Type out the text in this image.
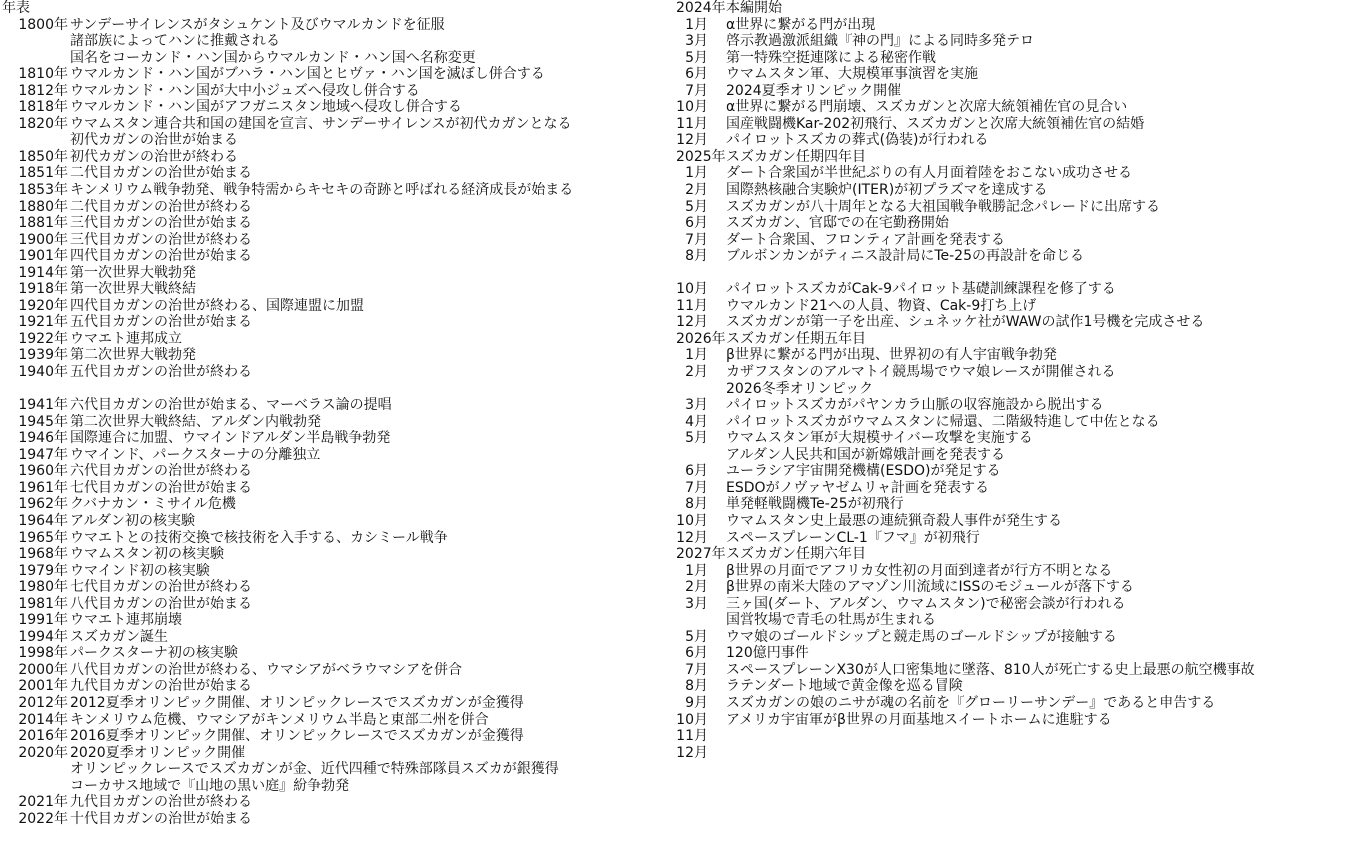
年表
1800年 サンデーサイレンスがタシュケント及びウマルカンドを征服
諸部族によってハンに推戴される
国名をコーカンド・ハン国からウマルカンド・ハン国へ名称変更
1810年 ウマルカンド・ハン国がブハラ・ハン国とヒヴァ・ハン国を滅ぼし併合する
1812年 ウマルカンド・ハン国が大中小ジュズへ侵攻し併合する
1818年 ウマルカンド・ハン国がアフガニスタン地域へ侵攻し併合する
1820年 ウマムスタン連合共和国の建国を宣言、サンデーサイレンスが初代カガンとなる
初代カガンの治世が始まる
1850年 初代カガンの治世が終わる
1851年 二代目カガンの治世が始まる
1853年 キンメリウム戦争勃発、戦争特需からキセキの奇跡と呼ばれる経済成長が始まる
1880年 二代目カガンの治世が終わる
1881年 三代目カガンの治世が始まる
1900年 三代目カガンの治世が終わる
1901年 四代目カガンの治世が始まる
1914年 第一次世界大戦勃発
1918年 第一次世界大戦終結
1920年 四代目カガンの治世が終わる、国際連盟に加盟
1921年 五代目カガンの治世が始まる
1922年 ウマエト連邦成立
1939年 第二次世界大戦勃発
1940年 五代目カガンの治世が終わる
1941年 六代目カガンの治世が始まる、マーベラス論の提唱
1945年 第二次世界大戦終結、アルダン内戦勃発
1946年 国際連合に加盟、ウマインドアルダン半島戦争勃発
1947年 ウマインド、パークスターナの分離独立
1960年 六代目カガンの治世が終わる
1961年 七代目カガンの治世が始まる
1962年 クバナカン・ミサイル危機
1964年 アルダン初の核実験
1965年 ウマエトとの技術交換で核技術を入手する、カシミール戦争
1968年 ウマムスタン初の核実験
1979年 ウマインド初の核実験
1980年 七代目カガンの治世が終わる
1981年 八代目カガンの治世が始まる
1991年 ウマエト連邦崩壊
1994年 スズカガン誕生
1998年 パークスターナ初の核実験
2000年 八代目カガンの治世が終わる、ウマシアがベラウマシアを併合
2001年 九代目カガンの治世が始まる
2012年 2012夏季オリンピック開催、オリンピックレースでスズカガンが金獲得
2014年 キンメリウム危機、ウマシアがキンメリウム半島と東部二州を併合
2016年 2016夏季オリンピック開催、オリンピックレースでスズカガンが金獲得
2020年 2020夏季オリンピック開催
オリンピックレースでスズカガンが金、近代四種で特殊部隊員スズカが銀獲得
コーカサス地域で『山地の黒い庭』紛争勃発
2021年 九代目カガンの治世が終わる
2022年 十代目カガンの治世が始まる
2024年 本編開始
1月	α世界に繋がる門が出現
3月	啓示教過激派組織『神の門』による同時多発テロ
5月	第一特殊空挺連隊による秘密作戦
6月	ウマムスタン軍、大規模軍事演習を実施
7月	2024夏季オリンピック開催
10月	α世界に繋がる門崩壊、スズカガンと次席大統領補佐官の見合い
11月	国産戦闘機Kar-202初飛行、スズカガンと次席大統領補佐官の結婚
12月	パイロットスズカの葬式(偽装)が行われる
2025年 スズカガン任期四年目
1月	ダート合衆国が半世紀ぶりの有人月面着陸をおこない成功させる
2月	国際熱核融合実験炉(ITER)が初プラズマを達成する
5月	スズカガンが八十周年となる大祖国戦争戦勝記念パレードに出席する
6月	スズカガン、官邸での在宅勤務開始
7月	ダート合衆国、フロンティア計画を発表する
8月	ブルボンカンがティニス設計局にTe-25の再設計を命じる
10月	パイロットスズカがCak-9パイロット基礎訓練課程を修了する
11月	ウマルカンド21への人員、物資、Cak-9打ち上げ
12月	スズカガンが第一子を出産、シュネッケ社がWAWの試作1号機を完成させる
2026年 スズカガン任期五年目
1月	β世界に繋がる門が出現、世界初の有人宇宙戦争勃発
2月	カザフスタンのアルマトイ競馬場でウマ娘レースが開催される
2026冬季オリンピック
3月	パイロットスズカがパヤンカラ山脈の収容施設から脱出する
4月	パイロットスズカがウマムスタンに帰還、二階級特進して中佐となる
5月	ウマムスタン軍が大規模サイバー攻撃を実施する
アルダン人民共和国が新嫦娥計画を発表する
6月	ユーラシア宇宙開発機構(ESDO)が発足する
7月	ESDOがノヴァヤゼムリャ計画を発表する
8月	単発軽戦闘機Te-25が初飛行
10月	ウマムスタン史上最悪の連続猟奇殺人事件が発生する
12月	スペースプレーンCL-1『フマ』が初飛行
2027年 スズカガン任期六年目
1月	β世界の月面でアフリカ女性初の月面到達者が行方不明となる
2月	β世界の南米大陸のアマゾン川流域にISSのモジュールが落下する
3月	三ヶ国(ダート、アルダン、ウマムスタン)で秘密会談が行われる
国営牧場で青毛の牡馬が生まれる
5月	ウマ娘のゴールドシップと競走馬のゴールドシップが接触する
6月	120億円事件
7月	スペースプレーンX30が人口密集地に墜落、810人が死亡する史上最悪の航空機事故
8月	ラテンダート地域で黄金像を巡る冒険
9月	スズカガンの娘のニサが魂の名前を『グローリーサンデー』であると申告する
10月	アメリカ宇宙軍がβ世界の月面基地スイートホームに進駐する
11月
12月
